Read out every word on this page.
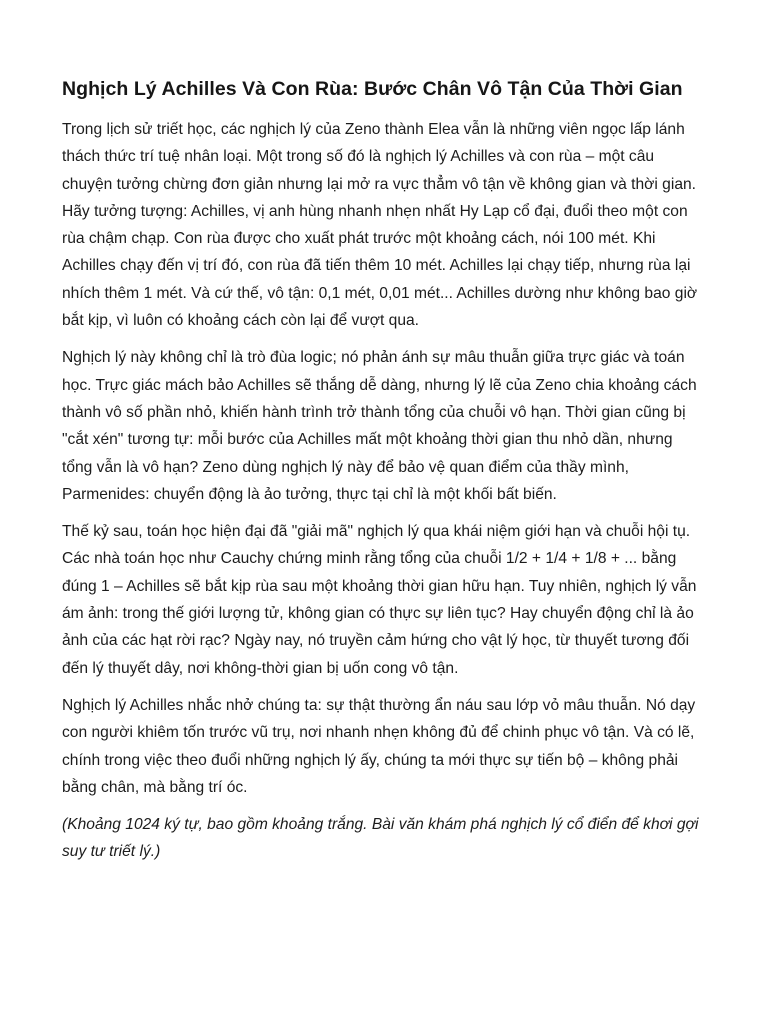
Nghịch Lý Achilles Và Con Rùa: Bước Chân Vô Tận Của Thời Gian

Trong lịch sử triết học, các nghịch lý của Zeno thành Elea vẫn là những viên ngọc lấp lánh thách thức trí tuệ nhân loại. Một trong số đó là nghịch lý Achilles và con rùa – một câu chuyện tưởng chừng đơn giản nhưng lại mở ra vực thẳm vô tận về không gian và thời gian. Hãy tưởng tượng: Achilles, vị anh hùng nhanh nhẹn nhất Hy Lạp cổ đại, đuổi theo một con rùa chậm chạp. Con rùa được cho xuất phát trước một khoảng cách, nói 100 mét. Khi Achilles chạy đến vị trí đó, con rùa đã tiến thêm 10 mét. Achilles lại chạy tiếp, nhưng rùa lại nhích thêm 1 mét. Và cứ thế, vô tận: 0,1 mét, 0,01 mét... Achilles dường như không bao giờ bắt kịp, vì luôn có khoảng cách còn lại để vượt qua.

Nghịch lý này không chỉ là trò đùa logic; nó phản ánh sự mâu thuẫn giữa trực giác và toán học. Trực giác mách bảo Achilles sẽ thắng dễ dàng, nhưng lý lẽ của Zeno chia khoảng cách thành vô số phần nhỏ, khiến hành trình trở thành tổng của chuỗi vô hạn. Thời gian cũng bị "cắt xén" tương tự: mỗi bước của Achilles mất một khoảng thời gian thu nhỏ dần, nhưng tổng vẫn là vô hạn? Zeno dùng nghịch lý này để bảo vệ quan điểm của thầy mình, Parmenides: chuyển động là ảo tưởng, thực tại chỉ là một khối bất biến.

Thế kỷ sau, toán học hiện đại đã "giải mã" nghịch lý qua khái niệm giới hạn và chuỗi hội tụ. Các nhà toán học như Cauchy chứng minh rằng tổng của chuỗi 1/2 + 1/4 + 1/8 + ... bằng đúng 1 – Achilles sẽ bắt kịp rùa sau một khoảng thời gian hữu hạn. Tuy nhiên, nghịch lý vẫn ám ảnh: trong thế giới lượng tử, không gian có thực sự liên tục? Hay chuyển động chỉ là ảo ảnh của các hạt rời rạc? Ngày nay, nó truyền cảm hứng cho vật lý học, từ thuyết tương đối đến lý thuyết dây, nơi không-thời gian bị uốn cong vô tận.

Nghịch lý Achilles nhắc nhở chúng ta: sự thật thường ẩn náu sau lớp vỏ mâu thuẫn. Nó dạy con người khiêm tốn trước vũ trụ, nơi nhanh nhẹn không đủ để chinh phục vô tận. Và có lẽ, chính trong việc theo đuổi những nghịch lý ấy, chúng ta mới thực sự tiến bộ – không phải bằng chân, mà bằng trí óc.

(Khoảng 1024 ký tự, bao gồm khoảng trắng. Bài văn khám phá nghịch lý cổ điển để khơi gợi suy tư triết lý.)
